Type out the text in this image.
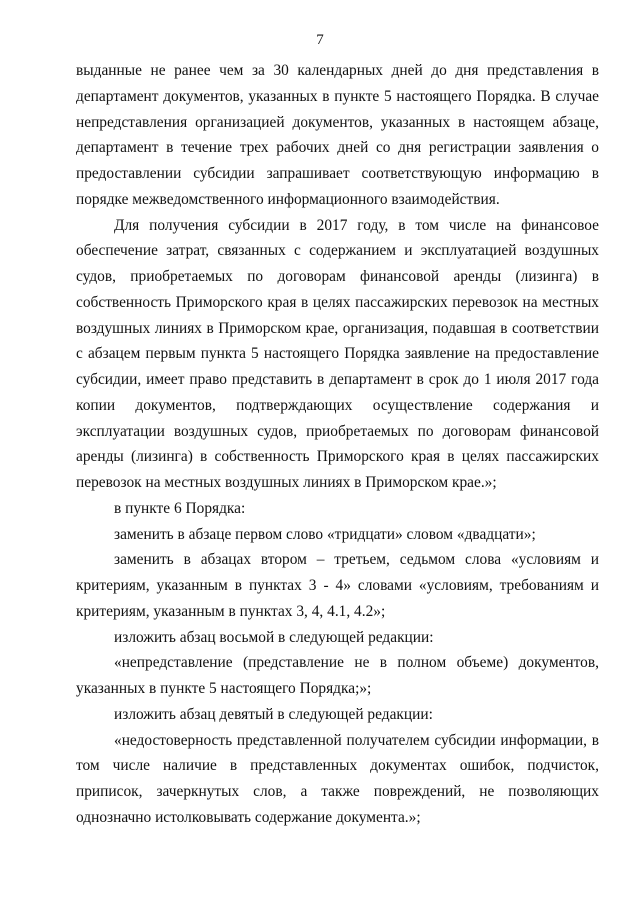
7

выданные не ранее чем за 30 календарных дней до дня представления в департамент документов, указанных в пункте 5 настоящего Порядка. В случае непредставления организацией документов, указанных в настоящем абзаце, департамент в течение трех рабочих дней со дня регистрации заявления о предоставлении субсидии запрашивает соответствующую информацию в порядке межведомственного информационного взаимодействия.

Для получения субсидии в 2017 году, в том числе на финансовое обеспечение затрат, связанных с содержанием и эксплуатацией воздушных судов, приобретаемых по договорам финансовой аренды (лизинга) в собственность Приморского края в целях пассажирских перевозок на местных воздушных линиях в Приморском крае, организация, подавшая в соответствии с абзацем первым пункта 5 настоящего Порядка заявление на предоставление субсидии, имеет право представить в департамент в срок до 1 июля 2017 года копии документов, подтверждающих осуществление содержания и эксплуатации воздушных судов, приобретаемых по договорам финансовой аренды (лизинга) в собственность Приморского края в целях пассажирских перевозок на местных воздушных линиях в Приморском крае.»;

в пункте 6 Порядка:

заменить в абзаце первом слово «тридцати» словом «двадцати»;

заменить в абзацах втором – третьем, седьмом слова «условиям и критериям, указанным в пунктах 3 - 4» словами «условиям, требованиям и критериям, указанным в пунктах 3, 4, 4.1, 4.2»;

изложить абзац восьмой в следующей редакции:

«непредставление (представление не в полном объеме) документов, указанных в пункте 5 настоящего Порядка;»;

изложить абзац девятый в следующей редакции:

«недостоверность представленной получателем субсидии информации, в том числе наличие в представленных документах ошибок, подчисток, приписок, зачеркнутых слов, а также повреждений, не позволяющих однозначно истолковывать содержание документа.»;
